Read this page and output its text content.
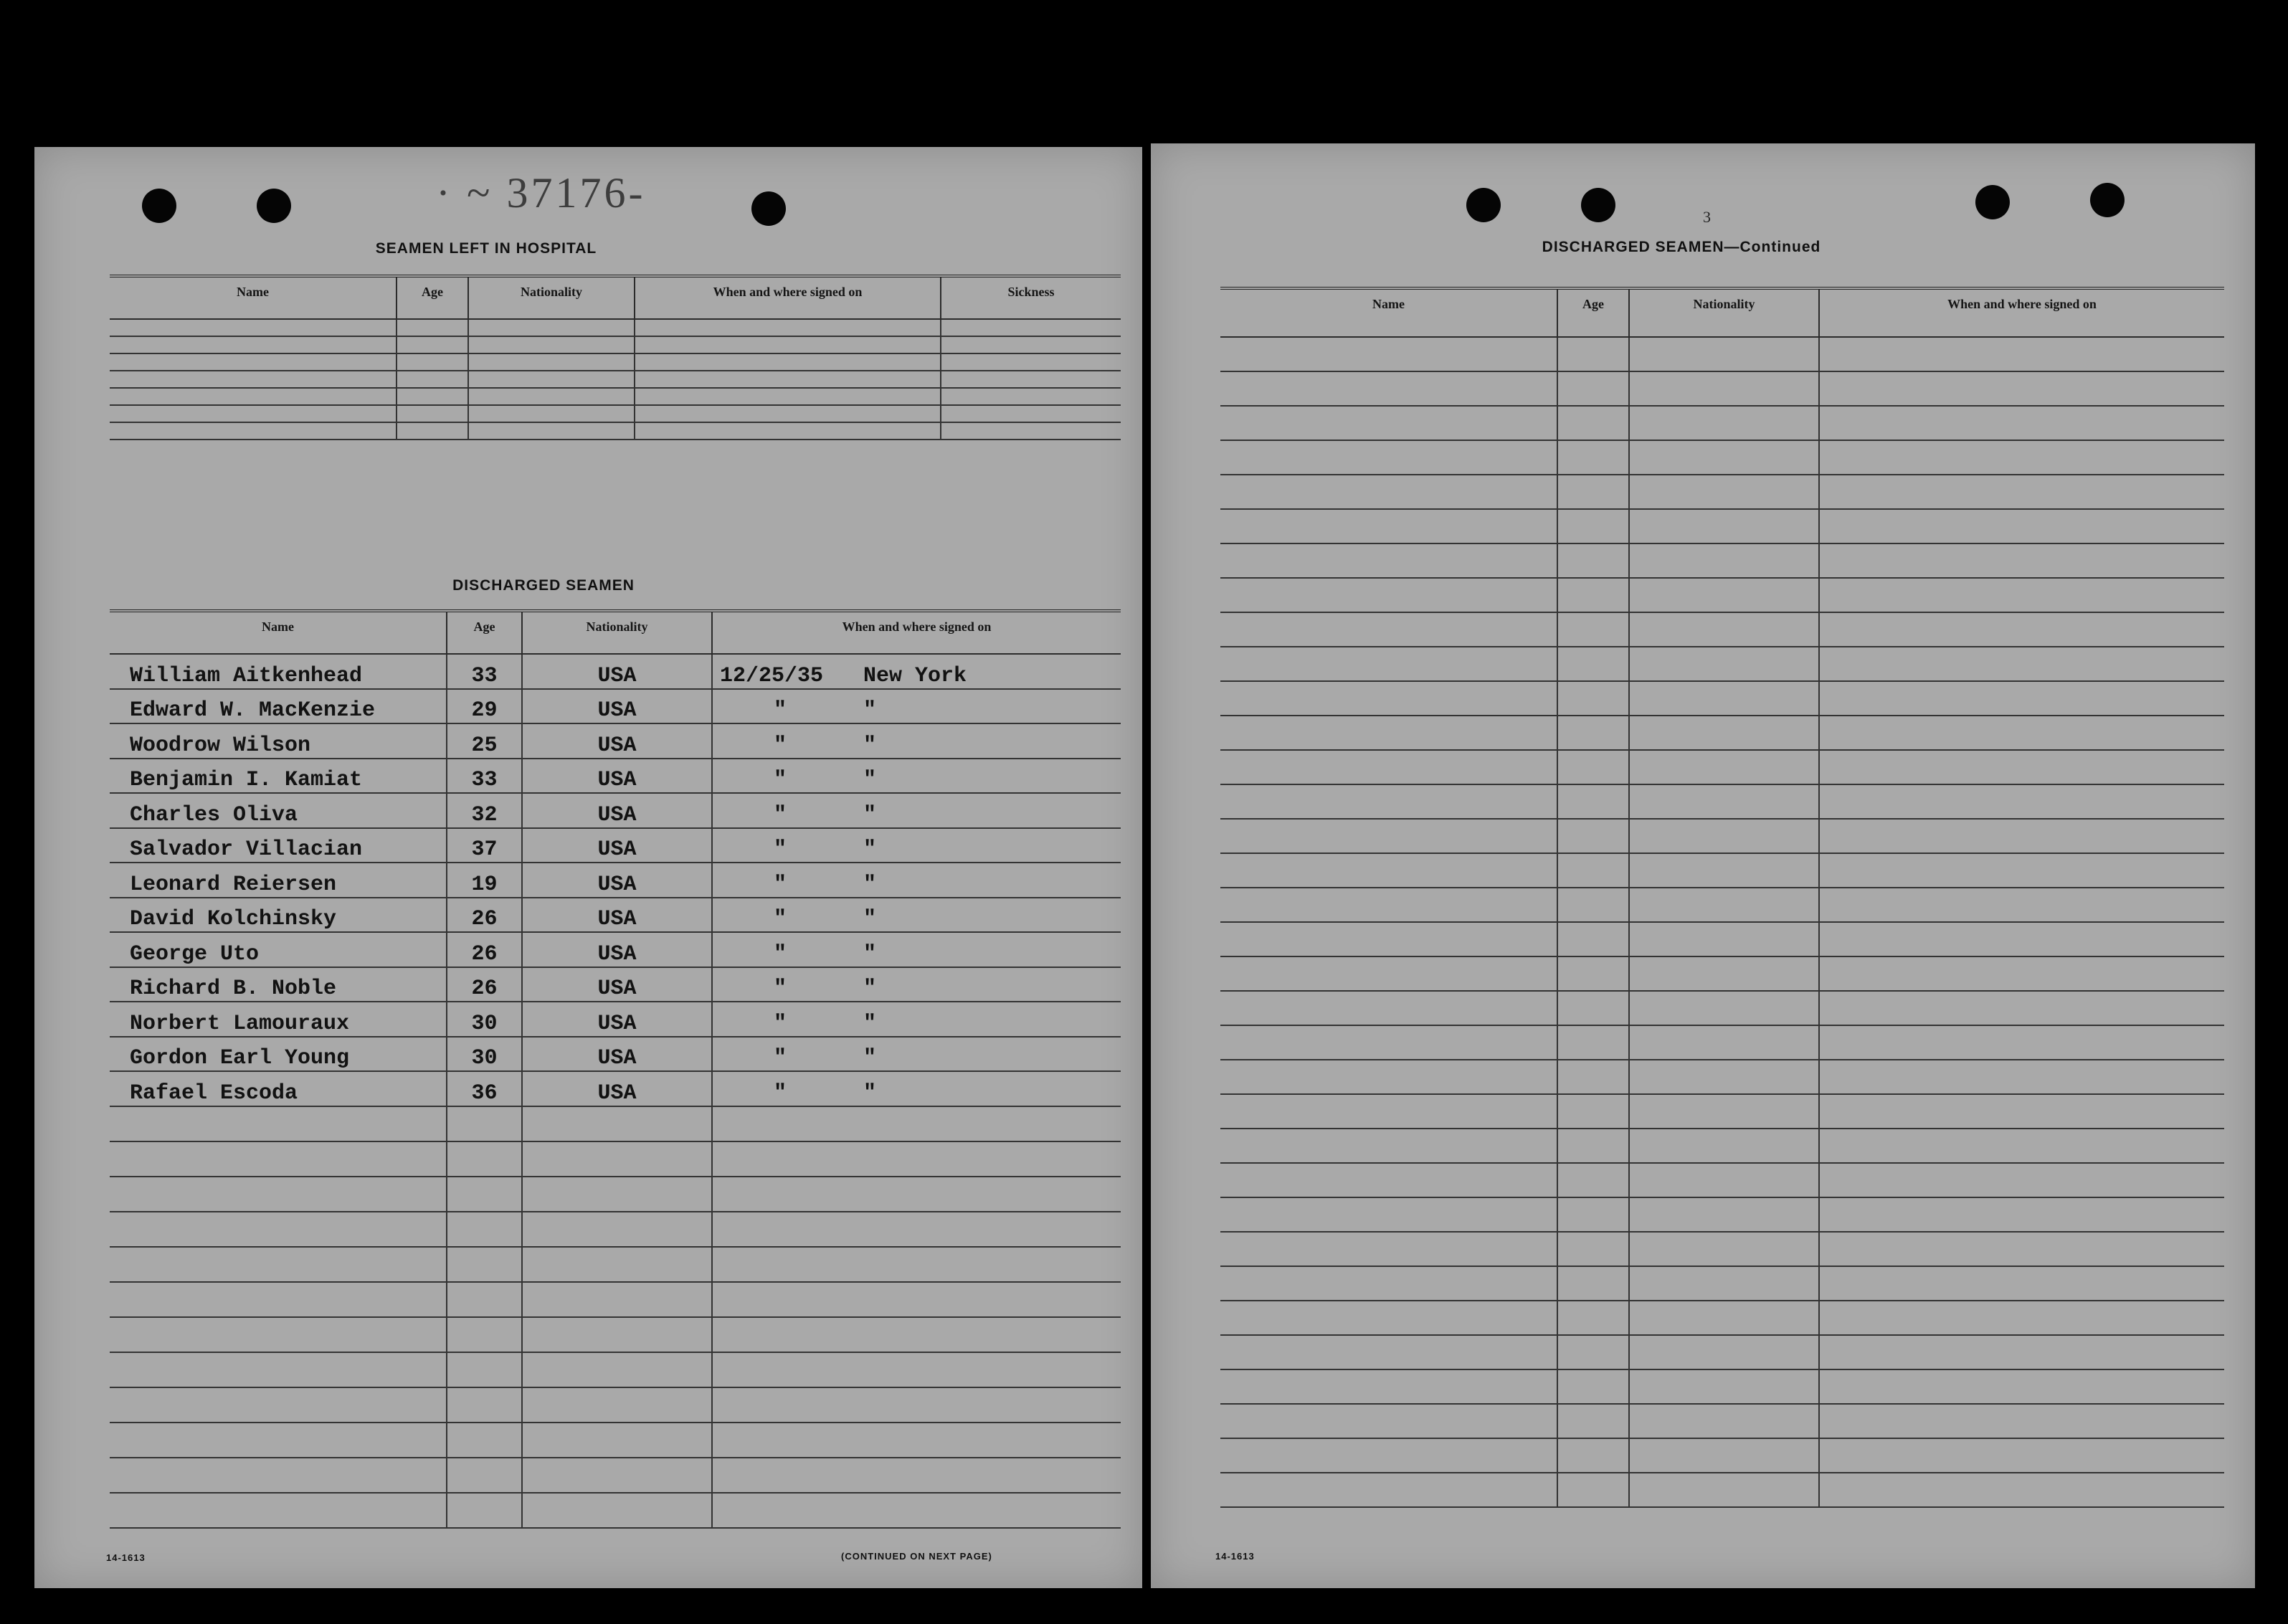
· ~ 37176-
SEAMEN LEFT IN HOSPITAL
Name	Age	Nationality	When and where signed on	Sickness

DISCHARGED SEAMEN
Name	Age	Nationality	When and where signed on
William Aitkenhead	33	USA	12/25/35 New York
Edward W. MacKenzie	29	USA	" "
Woodrow Wilson	25	USA	" "
Benjamin I. Kamiat	33	USA	" "
Charles Oliva	32	USA	" "
Salvador Villacian	37	USA	" "
Leonard Reiersen	19	USA	" "
David Kolchinsky	26	USA	" "
George Uto	26	USA	" "
Richard B. Noble	26	USA	" "
Norbert Lamouraux	30	USA	" "
Gordon Earl Young	30	USA	" "
Rafael Escoda	36	USA	" "

14-1613	(CONTINUED ON NEXT PAGE)
3
DISCHARGED SEAMEN—Continued
Name	Age	Nationality	When and where signed on

14-1613
